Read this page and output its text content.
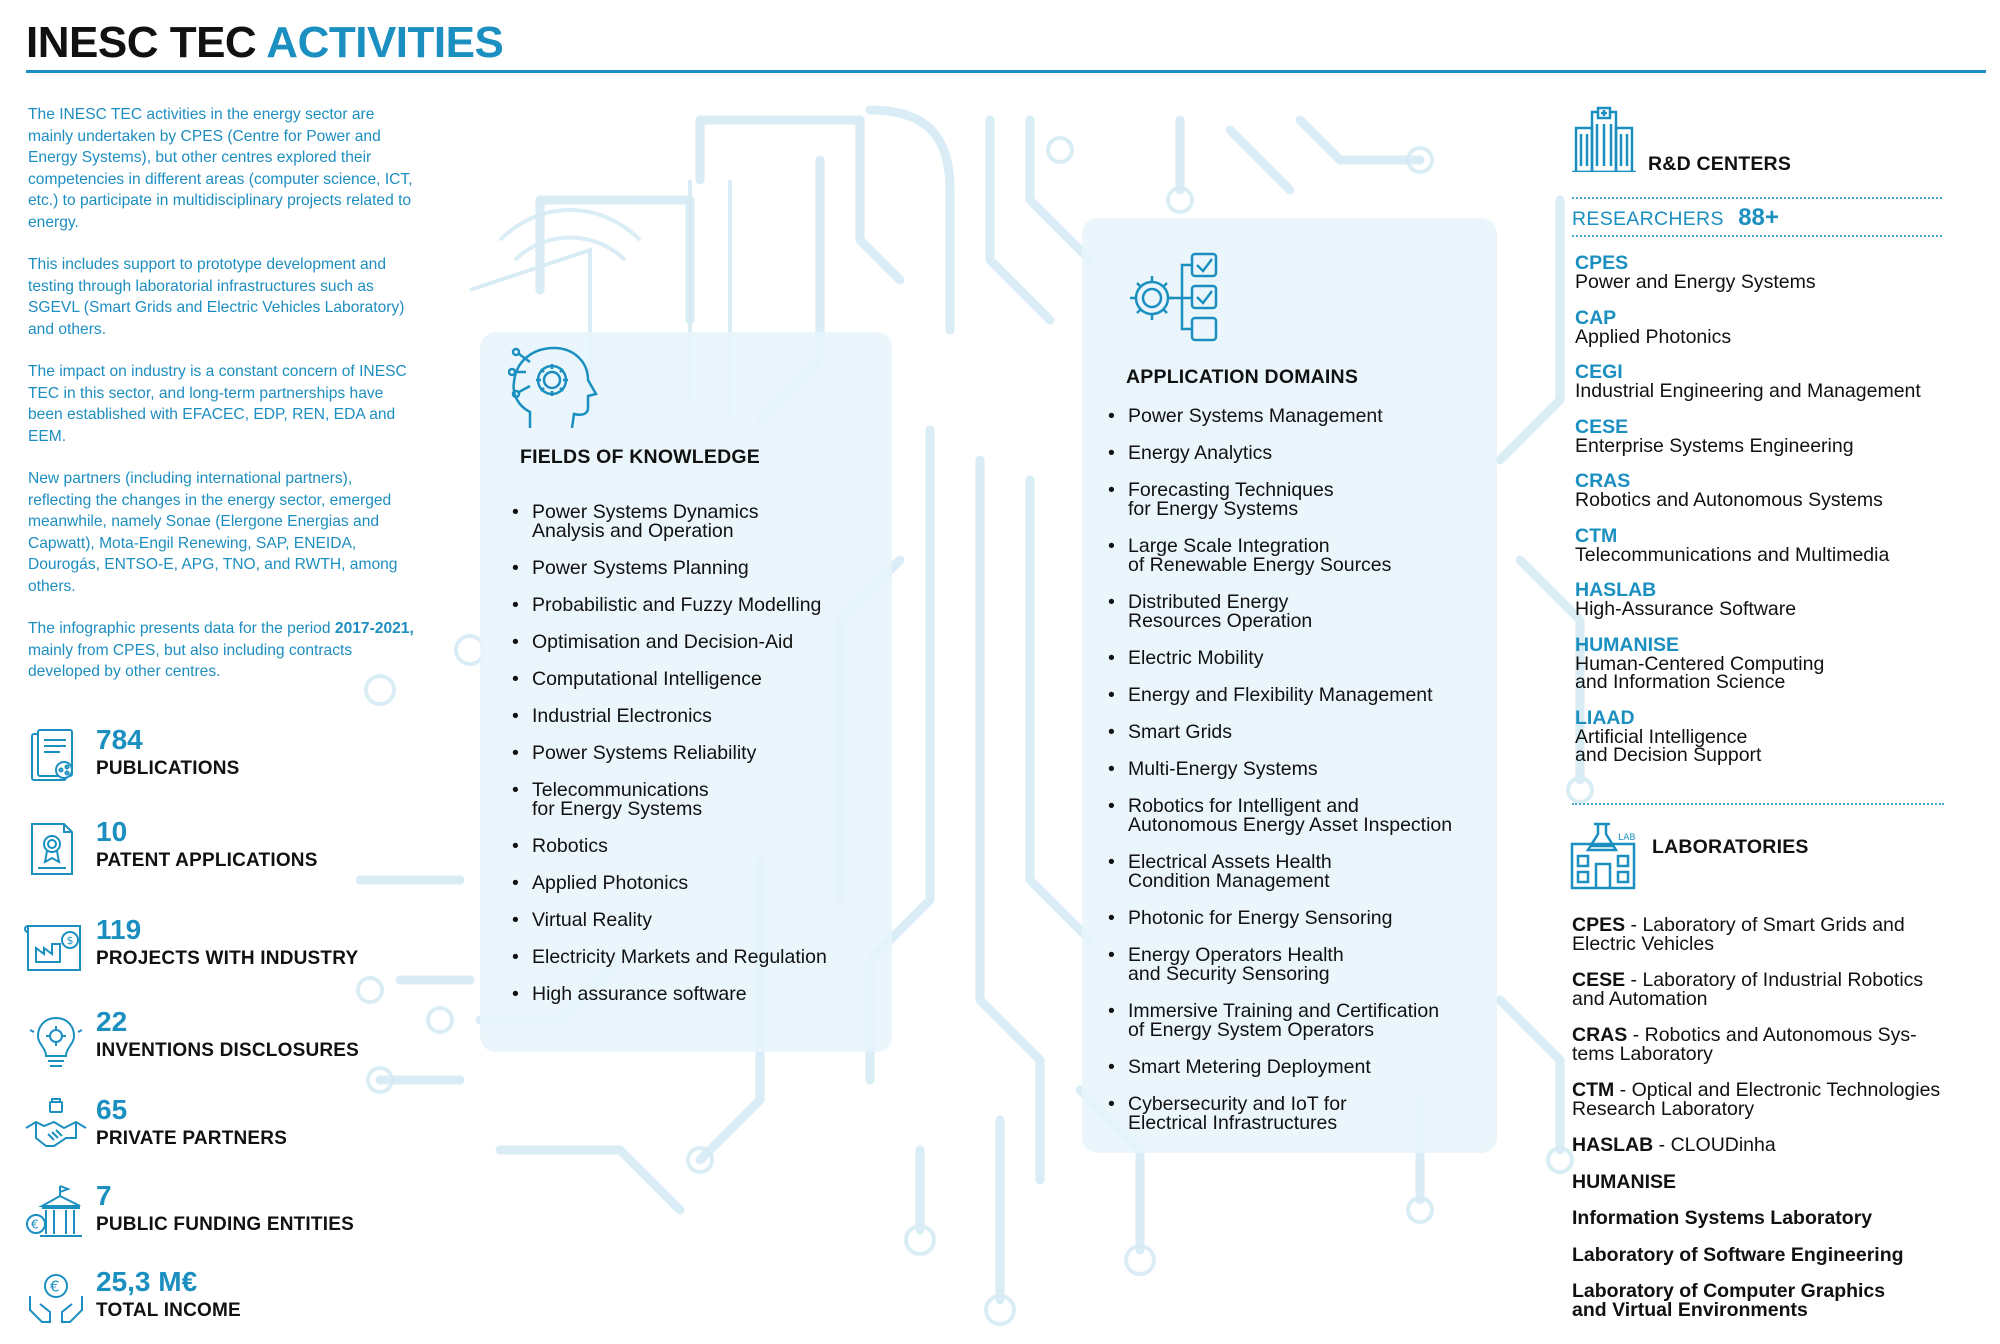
INESC TEC ACTIVITIES

The INESC TEC activities in the energy sector are mainly undertaken by CPES (Centre for Power and Energy Systems), but other centres explored their competencies in different areas (computer science, ICT, etc.) to participate in multidisciplinary projects related to energy.

This includes support to prototype development and testing through laboratorial infrastructures such as SGEVL (Smart Grids and Electric Vehicles Laboratory) and others.

The impact on industry is a constant concern of INESC TEC in this sector, and long-term partnerships have been established with EFACEC, EDP, REN, EDA and EEM.

New partners (including international partners), reflecting the changes in the energy sector, emerged meanwhile, namely Sonae (Elergone Energias and Capwatt), Mota-Engil Renewing, SAP, ENEIDA, Dourogás, ENTSO-E, APG, TNO, and RWTH, among others.

The infographic presents data for the period 2017-2021, mainly from CPES, but also including contracts developed by other centres.

784
PUBLICATIONS
10
PATENT APPLICATIONS
$ 119
PROJECTS WITH INDUSTRY
22
INVENTIONS DISCLOSURES
65
PRIVATE PARTNERS
€
7
PUBLIC FUNDING ENTITIES
€ 25,3 M€
TOTAL INCOME
FIELDS OF KNOWLEDGE
• Power Systems Dynamics
Analysis and Operation
• Power Systems Planning
• Probabilistic and Fuzzy Modelling
• Optimisation and Decision-Aid
• Computational Intelligence
• Industrial Electronics
• Power Systems Reliability
• Telecommunications
for Energy Systems
• Robotics
• Applied Photonics
• Virtual Reality
• Electricity Markets and Regulation
• High assurance software
APPLICATION DOMAINS
• Power Systems Management
• Energy Analytics
• Forecasting Techniques
for Energy Systems
• Large Scale Integration
of Renewable Energy Sources
• Distributed Energy
Resources Operation
• Electric Mobility
• Energy and Flexibility Management
• Smart Grids
• Multi-Energy Systems
• Robotics for Intelligent and
Autonomous Energy Asset Inspection
• Electrical Assets Health
Condition Management
• Photonic for Energy Sensoring
• Energy Operators Health
and Security Sensoring
• Immersive Training and Certification
of Energy System Operators
• Smart Metering Deployment
• Cybersecurity and IoT for
Electrical Infrastructures
R&D CENTERS
RESEARCHERS 88+
CPES
Power and Energy Systems
CAP
Applied Photonics
CEGI
Industrial Engineering and Management
CESE
Enterprise Systems Engineering
CRAS
Robotics and Autonomous Systems
CTM
Telecommunications and Multimedia
HASLAB
High-Assurance Software
HUMANISE
Human-Centered Computing
and Information Science
LIAAD
Artificial Intelligence
and Decision Support
LAB LABORATORIES
CPES - Laboratory of Smart Grids and
Electric Vehicles
CESE - Laboratory of Industrial Robotics
and Automation
CRAS - Robotics and Autonomous Sys-
tems Laboratory
CTM - Optical and Electronic Technologies
Research Laboratory
HASLAB - CLOUDinha
HUMANISE
Information Systems Laboratory
Laboratory of Software Engineering
Laboratory of Computer Graphics
and Virtual Environments
